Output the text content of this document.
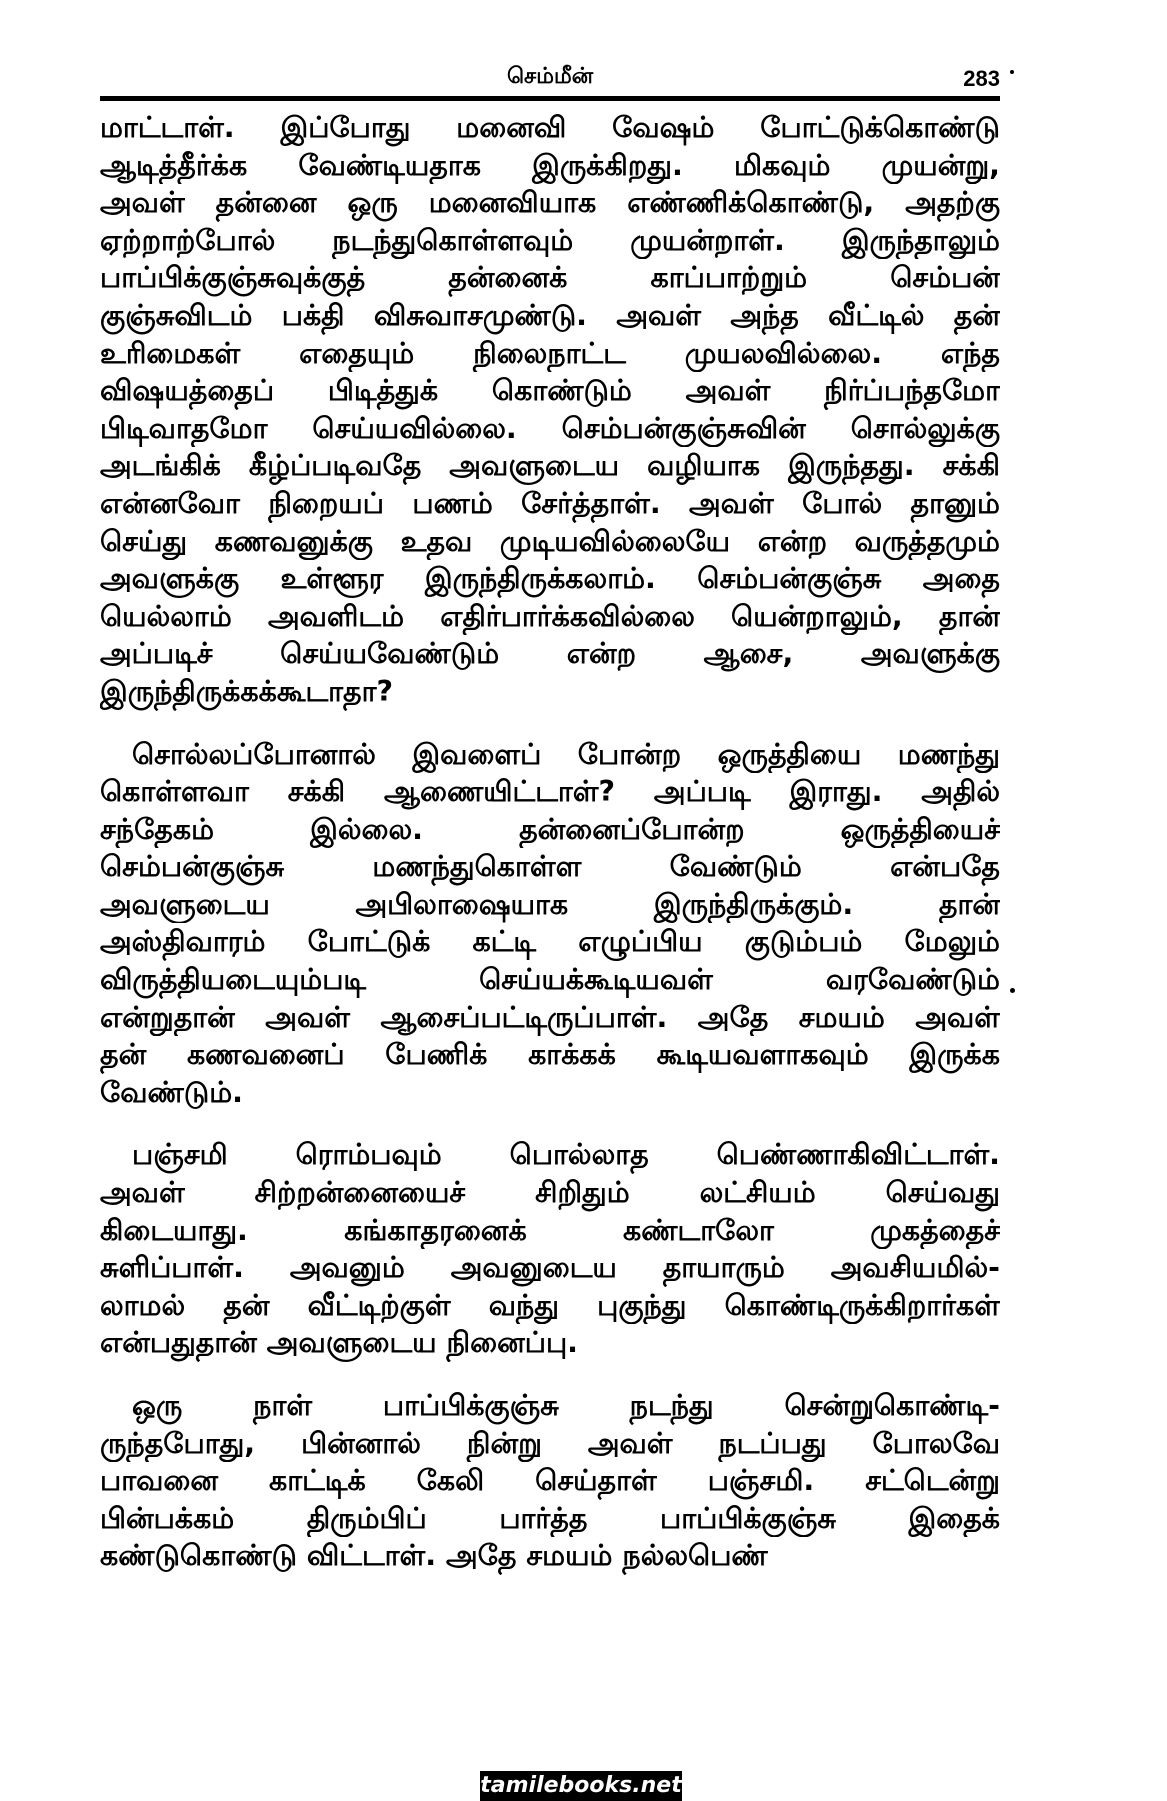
செம்மீன்	283
மாட்டாள். இப்போது மனைவி வேஷம் போட்டுக்கொண்டு
ஆடித்தீர்க்க வேண்டியதாக இருக்கிறது. மிகவும் முயன்று,
அவள் தன்னை ஒரு மனைவியாக எண்ணிக்கொண்டு, அதற்கு
ஏற்றாற்போல் நடந்துகொள்ளவும் முயன்றாள். இருந்தாலும்
பாப்பிக்குஞ்சுவுக்குத் தன்னைக் காப்பாற்றும் செம்பன்
குஞ்சுவிடம் பக்தி விசுவாசமுண்டு. அவள் அந்த வீட்டில் தன்
உரிமைகள் எதையும் நிலைநாட்ட முயலவில்லை. எந்த
விஷயத்தைப் பிடித்துக் கொண்டும் அவள் நிர்ப்பந்தமோ
பிடிவாதமோ செய்யவில்லை. செம்பன்குஞ்சுவின் சொல்லுக்கு
அடங்கிக் கீழ்ப்படிவதே அவளுடைய வழியாக இருந்தது. சக்கி
என்னவோ நிறையப் பணம் சேர்த்தாள். அவள் போல் தானும்
செய்து கணவனுக்கு உதவ முடியவில்லையே என்ற வருத்தமும்
அவளுக்கு உள்ளூர இருந்திருக்கலாம். செம்பன்குஞ்சு அதை
யெல்லாம் அவளிடம் எதிர்பார்க்கவில்லை யென்றாலும், தான்
அப்படிச் செய்யவேண்டும் என்ற ஆசை, அவளுக்கு
இருந்திருக்கக்கூடாதா?
சொல்லப்போனால் இவளைப் போன்ற ஒருத்தியை மணந்து
கொள்ளவா சக்கி ஆணையிட்டாள்? அப்படி இராது. அதில்
சந்தேகம் இல்லை. தன்னைப்போன்ற ஒருத்தியைச்
செம்பன்குஞ்சு மணந்துகொள்ள வேண்டும் என்பதே
அவளுடைய அபிலாஷையாக இருந்திருக்கும். தான்
அஸ்திவாரம் போட்டுக் கட்டி எழுப்பிய குடும்பம் மேலும்
விருத்தியடையும்படி செய்யக்கூடியவள் வரவேண்டும்
என்றுதான் அவள் ஆசைப்பட்டிருப்பாள். அதே சமயம் அவள்
தன் கணவனைப் பேணிக் காக்கக் கூடியவளாகவும் இருக்க
வேண்டும்.
பஞ்சமி ரொம்பவும் பொல்லாத பெண்ணாகிவிட்டாள்.
அவள் சிற்றன்னையைச் சிறிதும் லட்சியம் செய்வது
கிடையாது. கங்காதரனைக் கண்டாலோ முகத்தைச்
சுளிப்பாள். அவனும் அவனுடைய தாயாரும் அவசியமில்-
லாமல் தன் வீட்டிற்குள் வந்து புகுந்து கொண்டிருக்கிறார்கள்
என்பதுதான் அவளுடைய நினைப்பு.
ஒரு நாள் பாப்பிக்குஞ்சு நடந்து சென்றுகொண்டி-
ருந்தபோது, பின்னால் நின்று அவள் நடப்பது போலவே
பாவனை காட்டிக் கேலி செய்தாள் பஞ்சமி. சட்டென்று
பின்பக்கம் திரும்பிப் பார்த்த பாப்பிக்குஞ்சு இதைக்
கண்டுகொண்டு விட்டாள். அதே சமயம் நல்லபெண்
tamilebooks.net
